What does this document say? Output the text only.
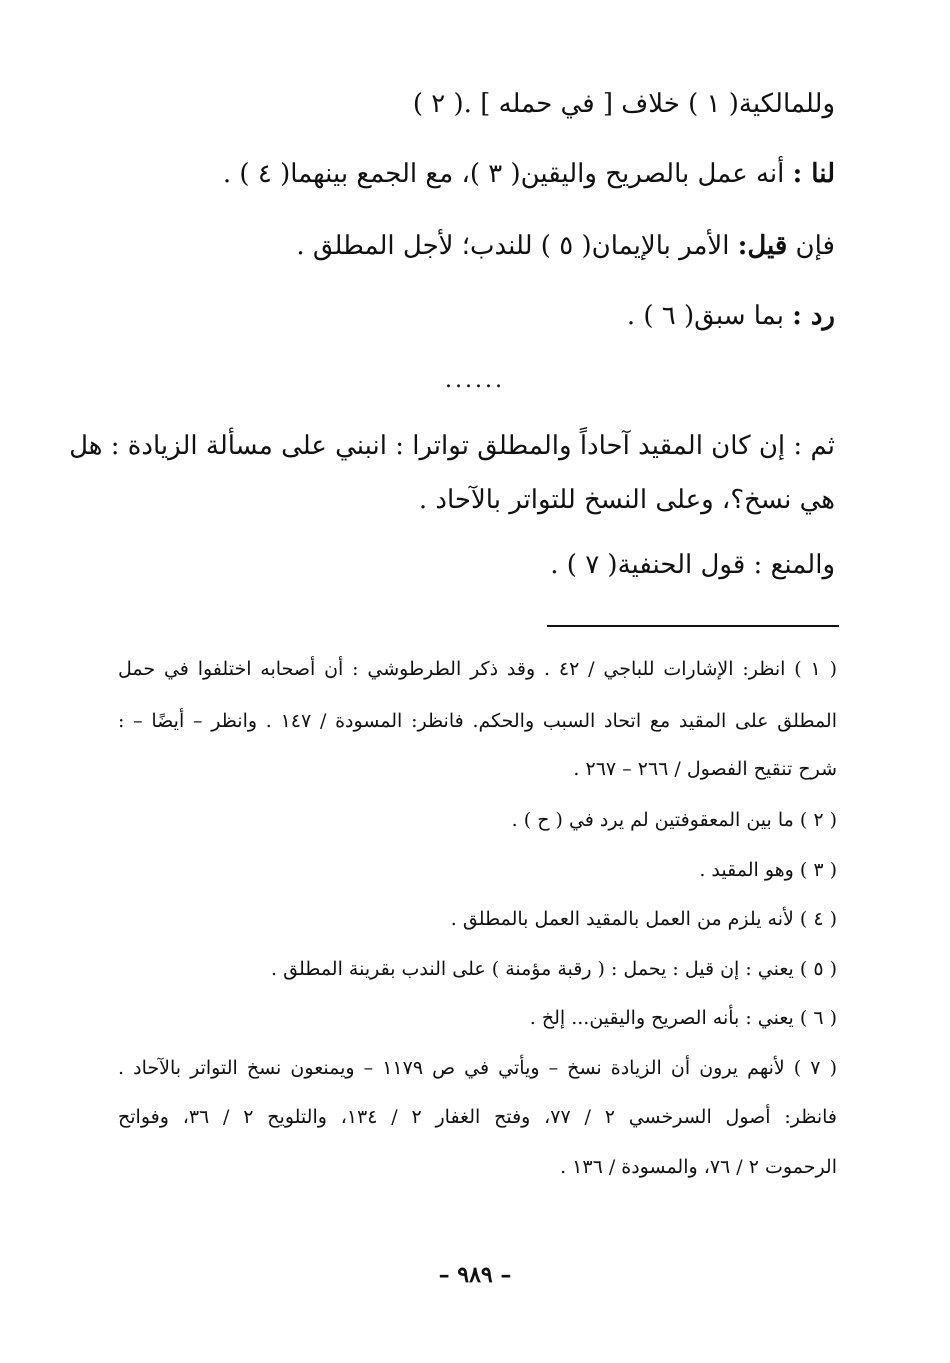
وللمالكية( ١ ) خلاف [ في حمله ] .( ٢ )
لنا : أنه عمل بالصريح واليقين( ٣ )، مع الجمع بينهما( ٤ ) .
فإن قيل: الأمر بالإيمان( ٥ ) للندب؛ لأجل المطلق .
رد : بما سبق( ٦ ) .
......
ثم : إن كان المقيد آحاداً والمطلق تواترا : انبني على مسألة الزيادة : هل
هي نسخ؟، وعلى النسخ للتواتر بالآحاد .
والمنع : قول الحنفية( ٧ ) .
( ١ ) انظر: الإشارات للباجي / ٤٢ . وقد ذكر الطرطوشي : أن أصحابه اختلفوا في حمل
المطلق على المقيد مع اتحاد السبب والحكم. فانظر: المسودة / ١٤٧ . وانظر – أيضًا – :
شرح تنقيح الفصول / ٢٦٦ – ٢٦٧ .
( ٢ ) ما بين المعقوفتين لم يرد في ( ح ) .
( ٣ ) وهو المقيد .
( ٤ ) لأنه يلزم من العمل بالمقيد العمل بالمطلق .
( ٥ ) يعني : إن قيل : يحمل : ( رقبة مؤمنة ) على الندب بقرينة المطلق .
( ٦ ) يعني : بأنه الصريح واليقين... إلخ .
( ٧ ) لأنهم يرون أن الزيادة نسخ – ويأتي في ص ١١٧٩ – ويمنعون نسخ التواتر بالآحاد .
فانظر: أصول السرخسي ٢ / ٧٧، وفتح الغفار ٢ / ١٣٤، والتلويح ٢ / ٣٦، وفواتح
الرحموت ٢ / ٧٦، والمسودة / ١٣٦ .
– ٩٨٩ –
